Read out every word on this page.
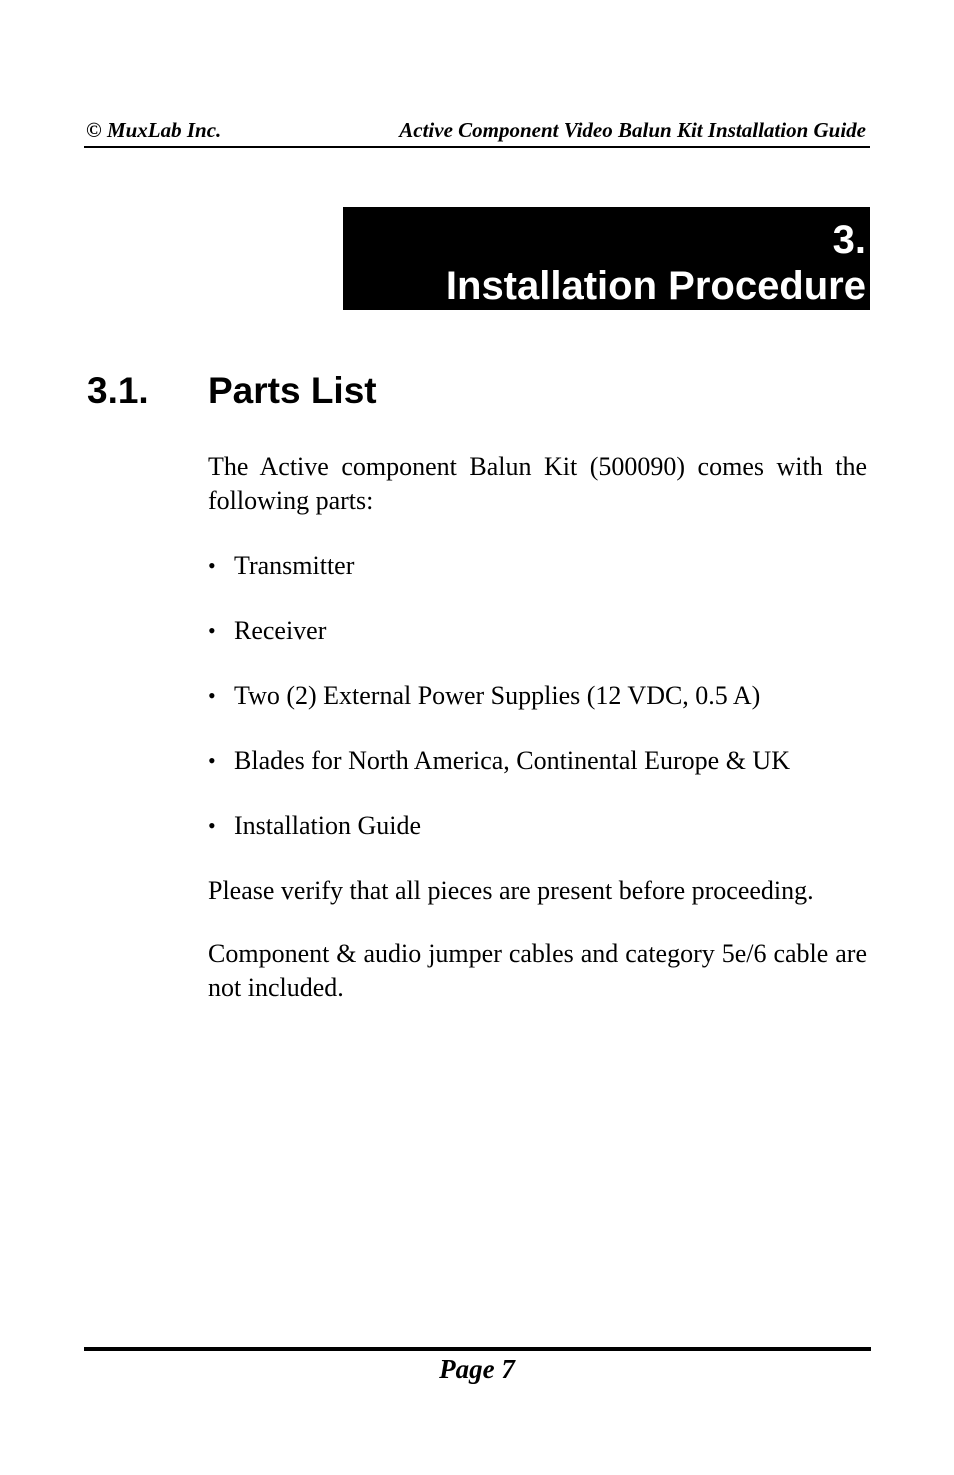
© MuxLab Inc.	Active Component Video Balun Kit Installation Guide
3.
Installation Procedure
3.1. Parts List

The Active component Balun Kit (500090) comes with the following parts:

• Transmitter
• Receiver
• Two (2) External Power Supplies (12 VDC, 0.5 A)
• Blades for North America, Continental Europe & UK
• Installation Guide

Please verify that all pieces are present before proceeding.

Component & audio jumper cables and category 5e/6 cable are not included.

Page 7
